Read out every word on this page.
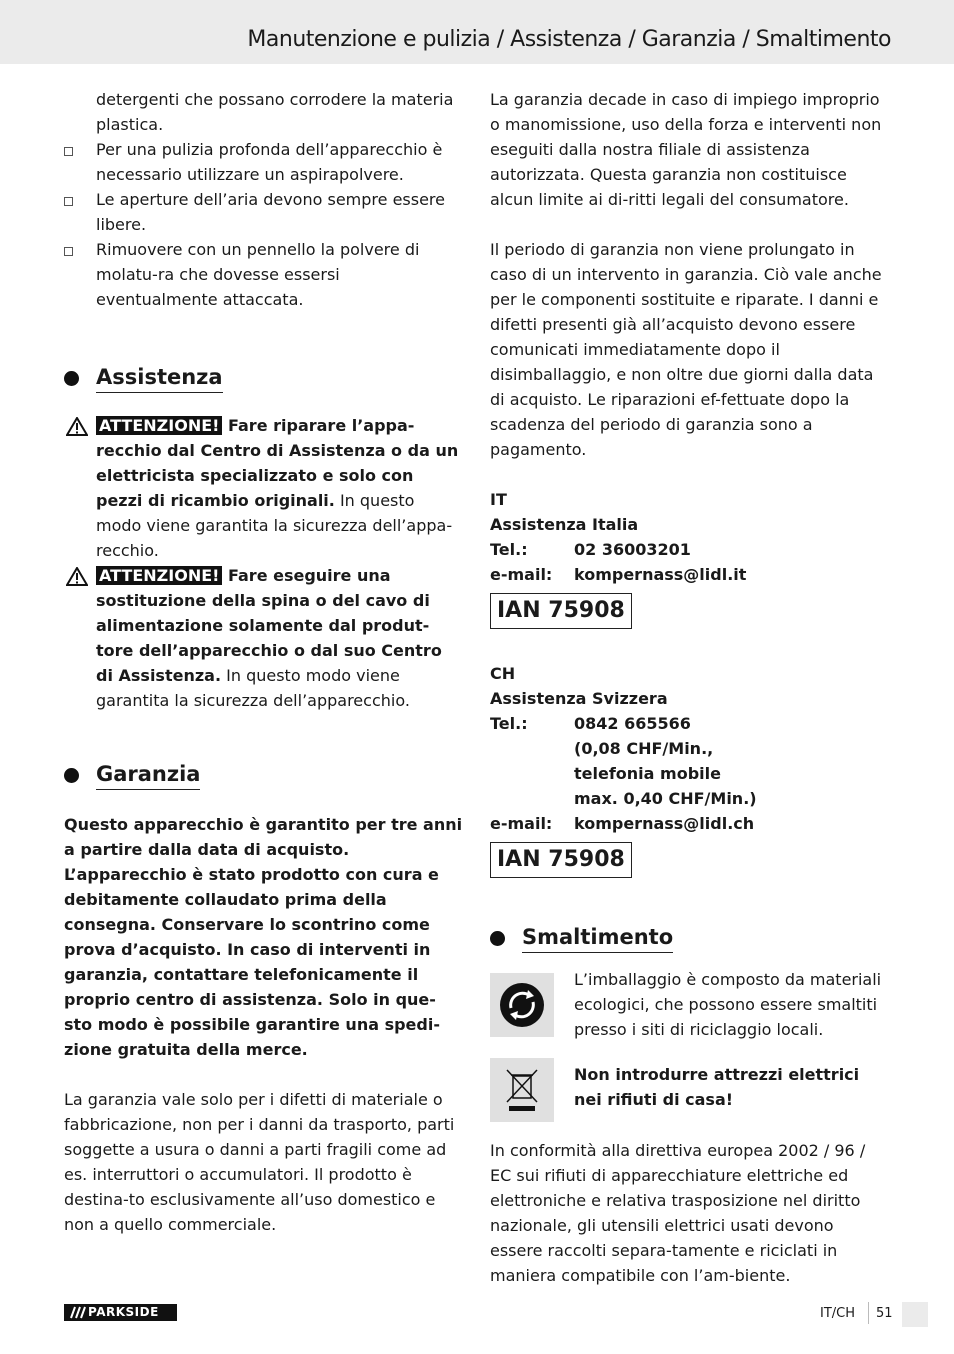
Manutenzione e pulizia / Assistenza / Garanzia / Smaltimento

detergenti che possano corrodere la materia plastica.

Per una pulizia profonda dell’apparecchio è necessario utilizzare un aspirapolvere.
Le aperture dell’aria devono sempre essere libere.
Rimuovere con un pennello la polvere di molatu-ra che dovesse essersi eventualmente attaccata.
Assistenza
ATTENZIONE! Fare riparare l’appa-recchio dal Centro di Assistenza o da un elettricista specializzato e solo con pezzi di ricambio originali. In questo modo viene garantita la sicurezza dell’appa-recchio.
ATTENZIONE! Fare eseguire una sostituzione della spina o del cavo di alimentazione solamente dal produt-tore dell’apparecchio o dal suo Centro di Assistenza. In questo modo viene garantita la sicurezza dell’apparecchio.
Garanzia

Questo apparecchio è garantito per tre anni a partire dalla data di acquisto. L’apparecchio è stato prodotto con cura e debitamente collaudato prima della consegna. Conservare lo scontrino come prova d’acquisto. In caso di interventi in garanzia, contattare telefonicamente il proprio centro di assistenza. Solo in que-sto modo è possibile garantire una spedi-zione gratuita della merce.

La garanzia vale solo per i difetti di materiale o fabbricazione, non per i danni da trasporto, parti soggette a usura o danni a parti fragili come ad es. interruttori o accumulatori. Il prodotto è destina-to esclusivamente all’uso domestico e non a quello commerciale.

La garanzia decade in caso di impiego improprio o manomissione, uso della forza e interventi non eseguiti dalla nostra filiale di assistenza autorizzata. Questa garanzia non costituisce alcun limite ai di-ritti legali del consumatore.

Il periodo di garanzia non viene prolungato in caso di un intervento in garanzia. Ciò vale anche per le componenti sostituite e riparate. I danni e difetti presenti già all’acquisto devono essere comunicati immediatamente dopo il disimballaggio, e non oltre due giorni dalla data di acquisto. Le riparazioni ef-fettuate dopo la scadenza del periodo di garanzia sono a pagamento.

IT

Assistenza Italia

Tel.:	02 36003201
e-mail:	kompernass@lidl.it
IAN 75908

CH

Assistenza Svizzera

Tel.:	0842 665566
(0,08 CHF/Min.,
telefonia mobile
max. 0,40 CHF/Min.)
e-mail:	kompernass@lidl.ch
IAN 75908
Smaltimento

L’imballaggio è composto da materiali ecologici, che possono essere smaltiti presso i siti di riciclaggio locali.

Non introdurre attrezzi elettrici nei rifiuti di casa!

In conformità alla direttiva europea 2002 / 96 / EC sui rifiuti di apparecchiature elettriche ed elettroniche e relativa trasposizione nel diritto nazionale, gli utensili elettrici usati devono essere raccolti separa-tamente e riciclati in maniera compatibile con l’am-biente.

PARKSIDE	IT/CH 51
